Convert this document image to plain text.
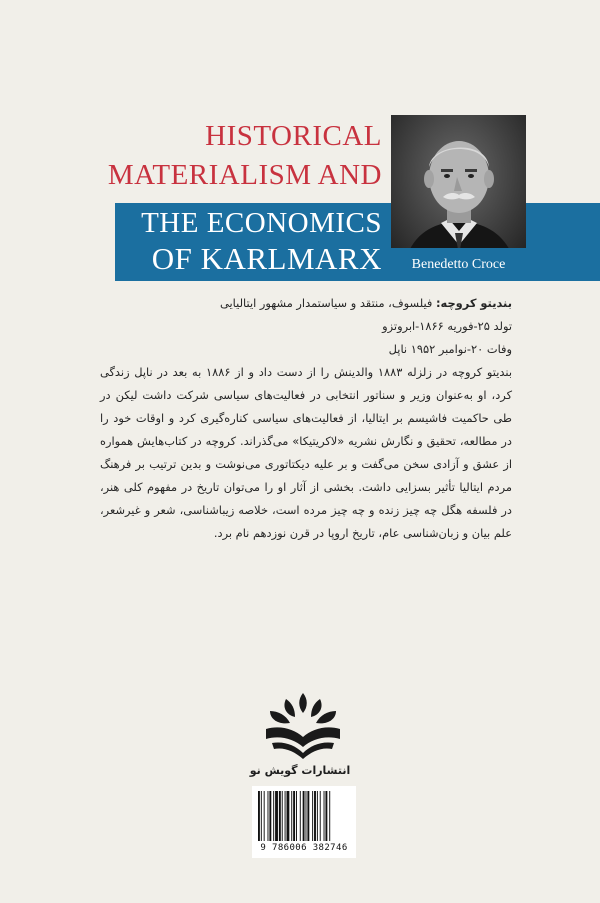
HISTORICAL
MATERIALISM AND
THE ECONOMICS
OF KARLMARX	Benedetto Croce

بندیتو کروچه: فیلسوف، منتقد و سیاستمدار مشهور ایتالیایی

تولد ۲۵-فوریه ۱۸۶۶-ابروتزو

وفات ۲۰-نوامبر ۱۹۵۲ ناپل

بندیتو کروچه در زلزله ۱۸۸۳ والدینش را از دست داد و از ۱۸۸۶ به بعد در ناپل زندگی کرد، او به‌عنوان وزیر و سناتور انتخابی در فعالیت‌های سیاسی شرکت داشت لیکن در طی حاکمیت فاشیسم بر ایتالیا، از فعالیت‌های سیاسی کناره‌گیری کرد و اوقات خود را در مطالعه، تحقیق و نگارش نشریه «لاکریتیکا» می‌گذراند. کروچه در کتاب‌هایش همواره از عشق و آزادی سخن می‌گفت و بر علیه دیکتاتوری می‌نوشت و بدین ترتیب بر فرهنگ مردم ایتالیا تأثیر بسزایی داشت. بخشی از آثار او را می‌توان تاریخ در مفهوم کلی هنر، در فلسفه هگل چه چیز زنده و چه چیز مرده است، خلاصه زیباشناسی، شعر و غیرشعر، علم بیان و زبان‌شناسی عام، تاریخ اروپا در قرن نوزدهم نام برد.

انتشارات گویش نو
9 786006 382746
